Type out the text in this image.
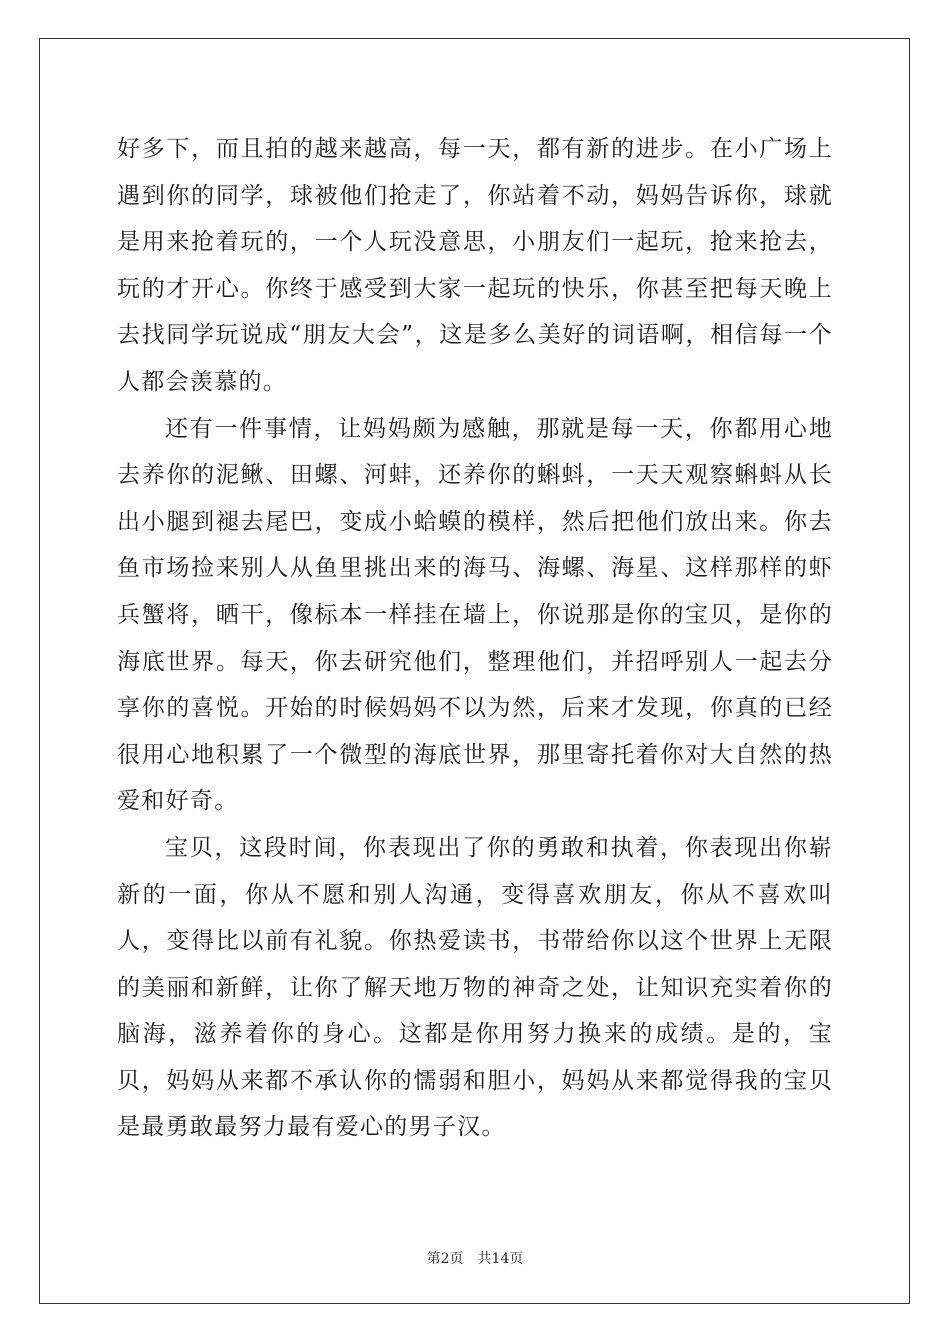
好多下，而且拍的越来越高，每一天，都有新的进步。在小广场上遇到你的同学，球被他们抢走了，你站着不动，妈妈告诉你，球就是用来抢着玩的，一个人玩没意思，小朋友们一起玩，抢来抢去，玩的才开心。你终于感受到大家一起玩的快乐，你甚至把每天晚上去找同学玩说成“朋友大会”，这是多么美好的词语啊，相信每一个人都会羡慕的。

还有一件事情，让妈妈颇为感触，那就是每一天，你都用心地去养你的泥鳅、田螺、河蚌，还养你的蝌蚪，一天天观察蝌蚪从长出小腿到褪去尾巴，变成小蛤蟆的模样，然后把他们放出来。你去鱼市场捡来别人从鱼里挑出来的海马、海螺、海星、这样那样的虾兵蟹将，晒干，像标本一样挂在墙上，你说那是你的宝贝，是你的海底世界。每天，你去研究他们，整理他们，并招呼别人一起去分享你的喜悦。开始的时候妈妈不以为然，后来才发现，你真的已经很用心地积累了一个微型的海底世界，那里寄托着你对大自然的热爱和好奇。

宝贝，这段时间，你表现出了你的勇敢和执着，你表现出你崭新的一面，你从不愿和别人沟通，变得喜欢朋友，你从不喜欢叫人，变得比以前有礼貌。你热爱读书，书带给你以这个世界上无限的美丽和新鲜，让你了解天地万物的神奇之处，让知识充实着你的脑海，滋养着你的身心。这都是你用努力换来的成绩。是的，宝贝，妈妈从来都不承认你的懦弱和胆小，妈妈从来都觉得我的宝贝是最勇敢最努力最有爱心的男子汉。

第2页 共14页
